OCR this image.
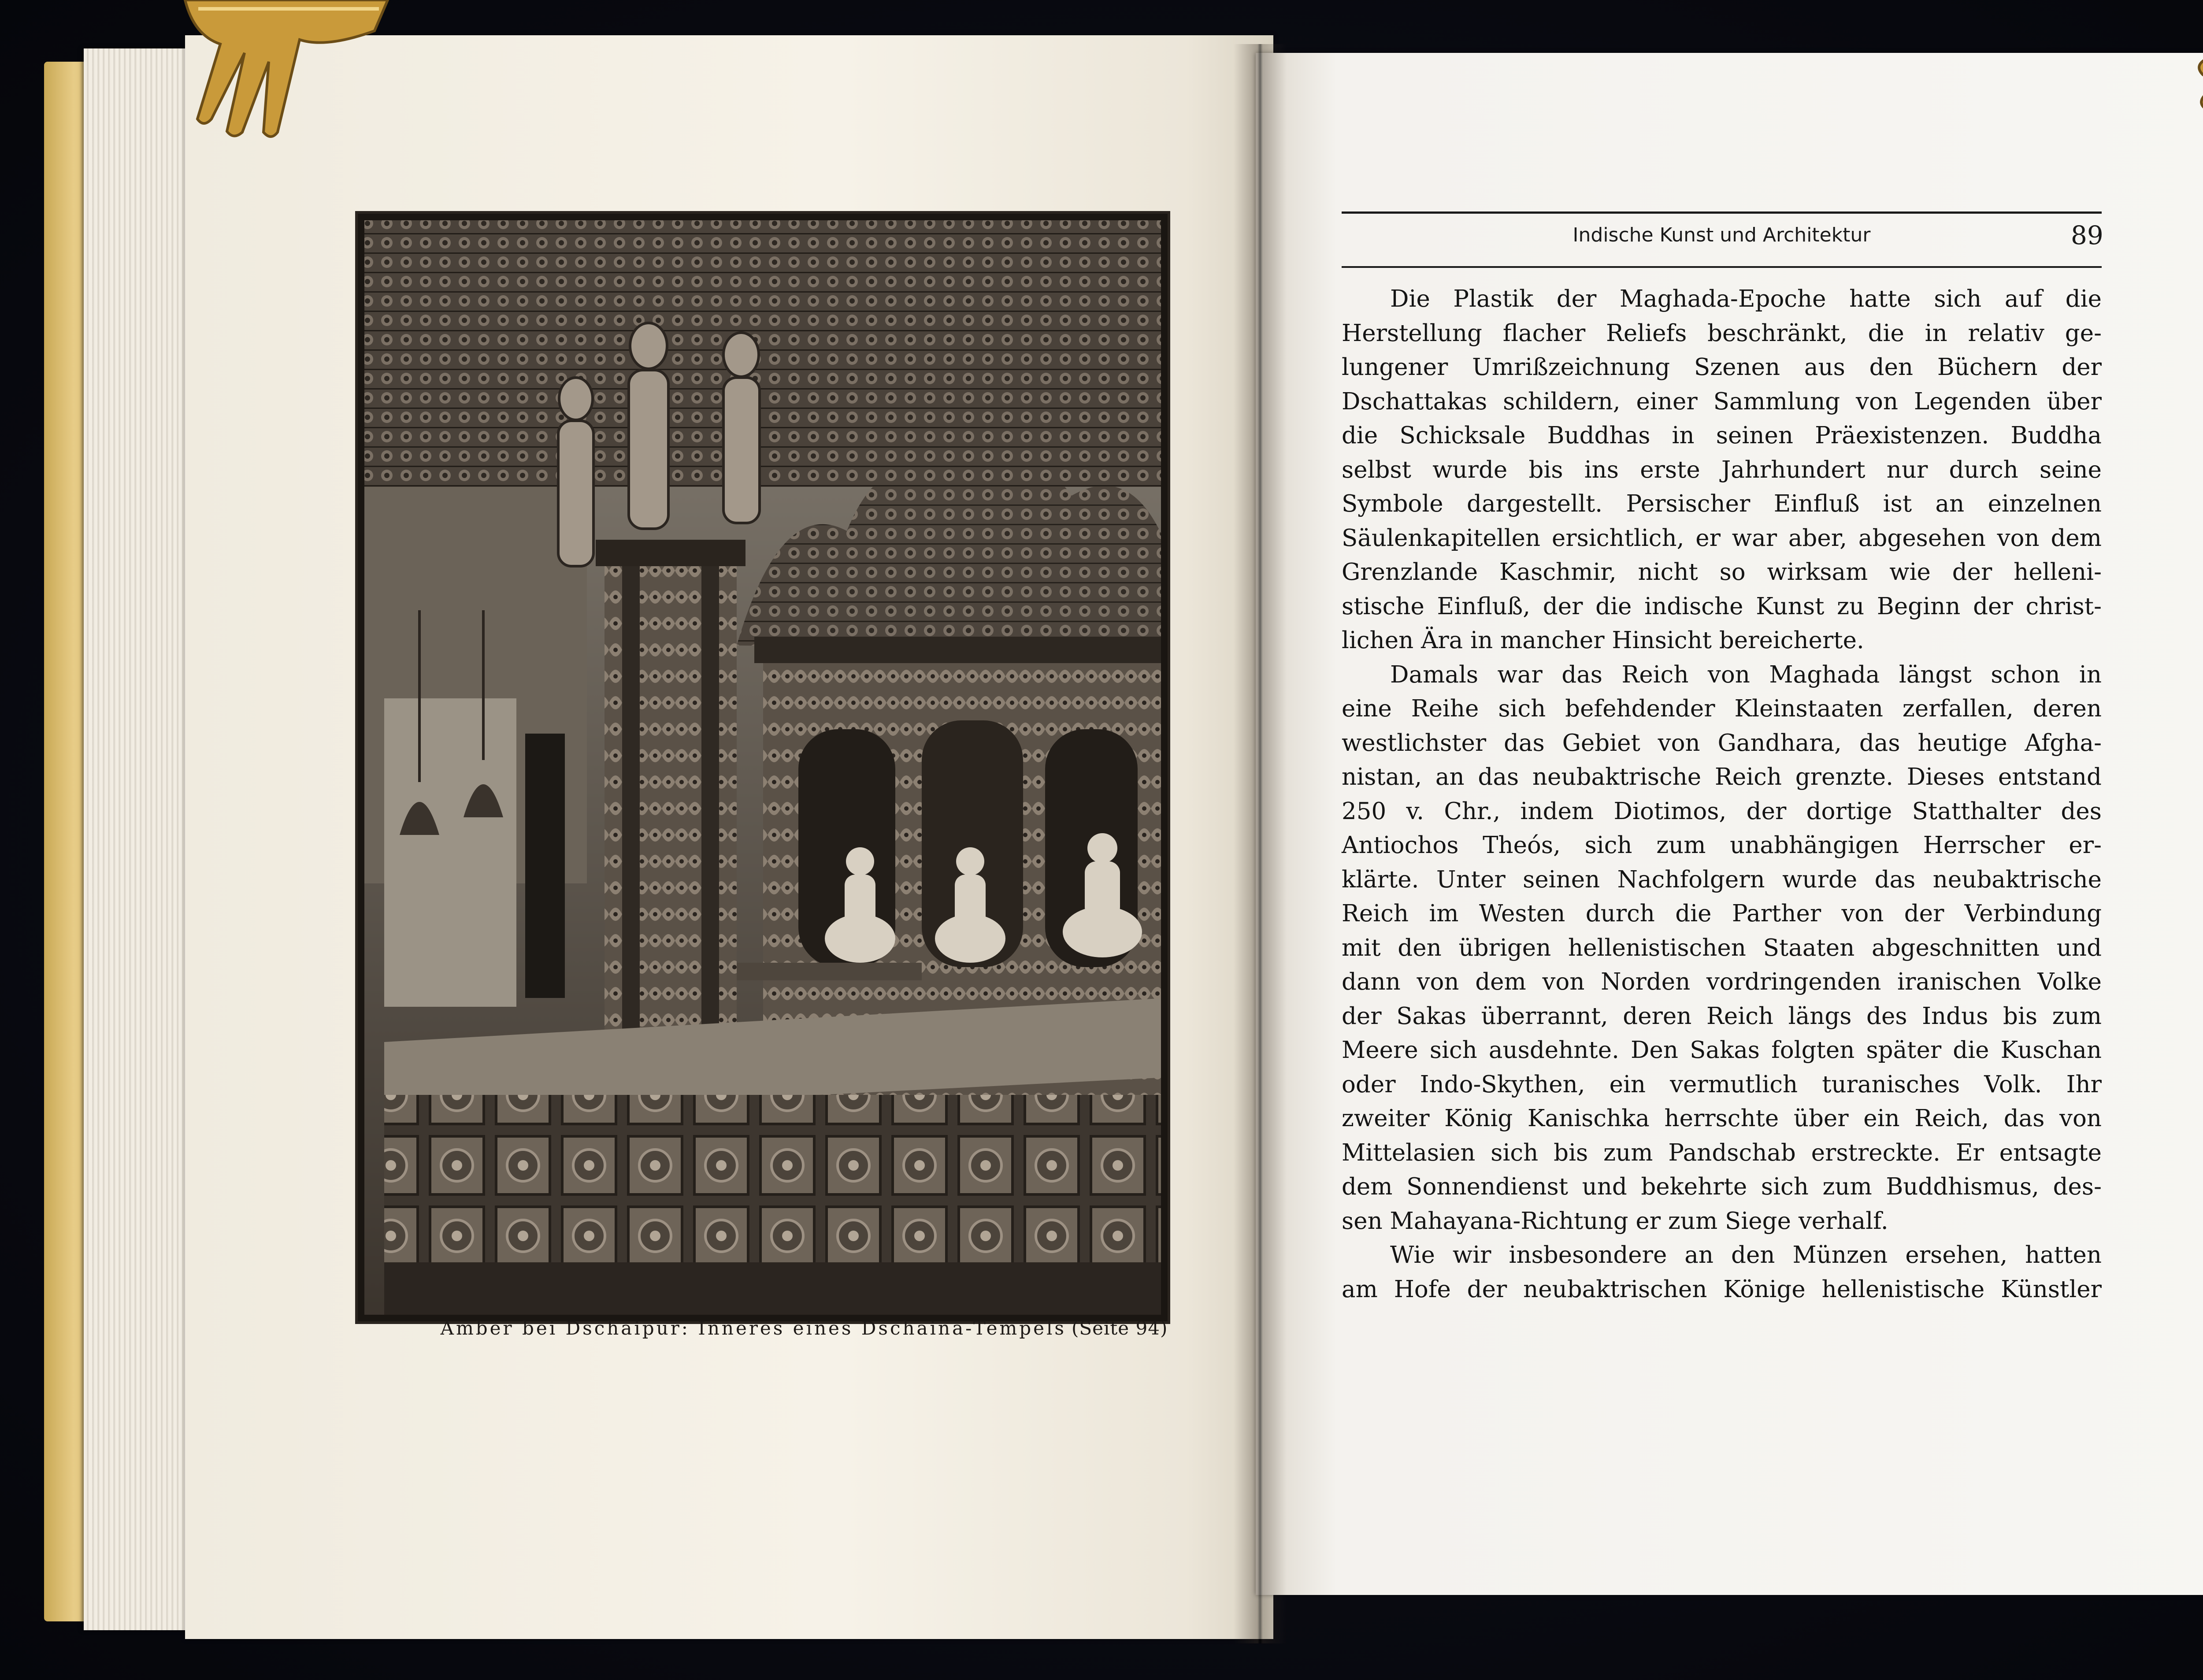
Amber bei Dschaipur: Inneres eines Dschaina-Tempels (Seite 94)
Indische Kunst und Architektur	89

Die Plastik der Maghada-Epoche hatte sich auf die

Herstellung flacher Reliefs beschränkt, die in relativ ge-

lungener Umrißzeichnung Szenen aus den Büchern der

Dschattakas schildern, einer Sammlung von Legenden über

die Schicksale Buddhas in seinen Präexistenzen. Buddha

selbst wurde bis ins erste Jahrhundert nur durch seine

Symbole dargestellt. Persischer Einfluß ist an einzelnen

Säulenkapitellen ersichtlich, er war aber, abgesehen von dem

Grenzlande Kaschmir, nicht so wirksam wie der helleni-

stische Einfluß, der die indische Kunst zu Beginn der christ-

lichen Ära in mancher Hinsicht bereicherte.

Damals war das Reich von Maghada längst schon in

eine Reihe sich befehdender Kleinstaaten zerfallen, deren

westlichster das Gebiet von Gandhara, das heutige Afgha-

nistan, an das neubaktrische Reich grenzte. Dieses entstand

250 v. Chr., indem Diotimos, der dortige Statthalter des

Antiochos Theós, sich zum unabhängigen Herrscher er-

klärte. Unter seinen Nachfolgern wurde das neubaktrische

Reich im Westen durch die Parther von der Verbindung

mit den übrigen hellenistischen Staaten abgeschnitten und

dann von dem von Norden vordringenden iranischen Volke

der Sakas überrannt, deren Reich längs des Indus bis zum

Meere sich ausdehnte. Den Sakas folgten später die Kuschan

oder Indo-Skythen, ein vermutlich turanisches Volk. Ihr

zweiter König Kanischka herrschte über ein Reich, das von

Mittelasien sich bis zum Pandschab erstreckte. Er entsagte

dem Sonnendienst und bekehrte sich zum Buddhismus, des-

sen Mahayana-Richtung er zum Siege verhalf.

Wie wir insbesondere an den Münzen ersehen, hatten

am Hofe der neubaktrischen Könige hellenistische Künstler
